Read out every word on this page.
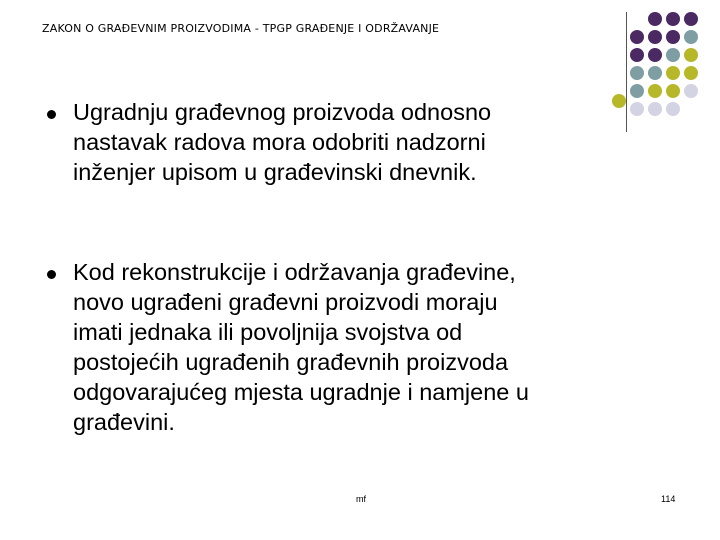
ZAKON O GRAĐEVNIM PROIZVODIMA - TPGP GRAĐENJE I ODRŽAVANJE
Ugradnju građevnog proizvoda odnosno
nastavak radova mora odobriti nadzorni
inženjer upisom u građevinski dnevnik.
Kod rekonstrukcije i održavanja građevine,
novo ugrađeni građevni proizvodi moraju
imati jednaka ili povoljnija svojstva od
postojećih ugrađenih građevnih proizvoda
odgovarajućeg mjesta ugradnje i namjene u
građevini.
mf	114
